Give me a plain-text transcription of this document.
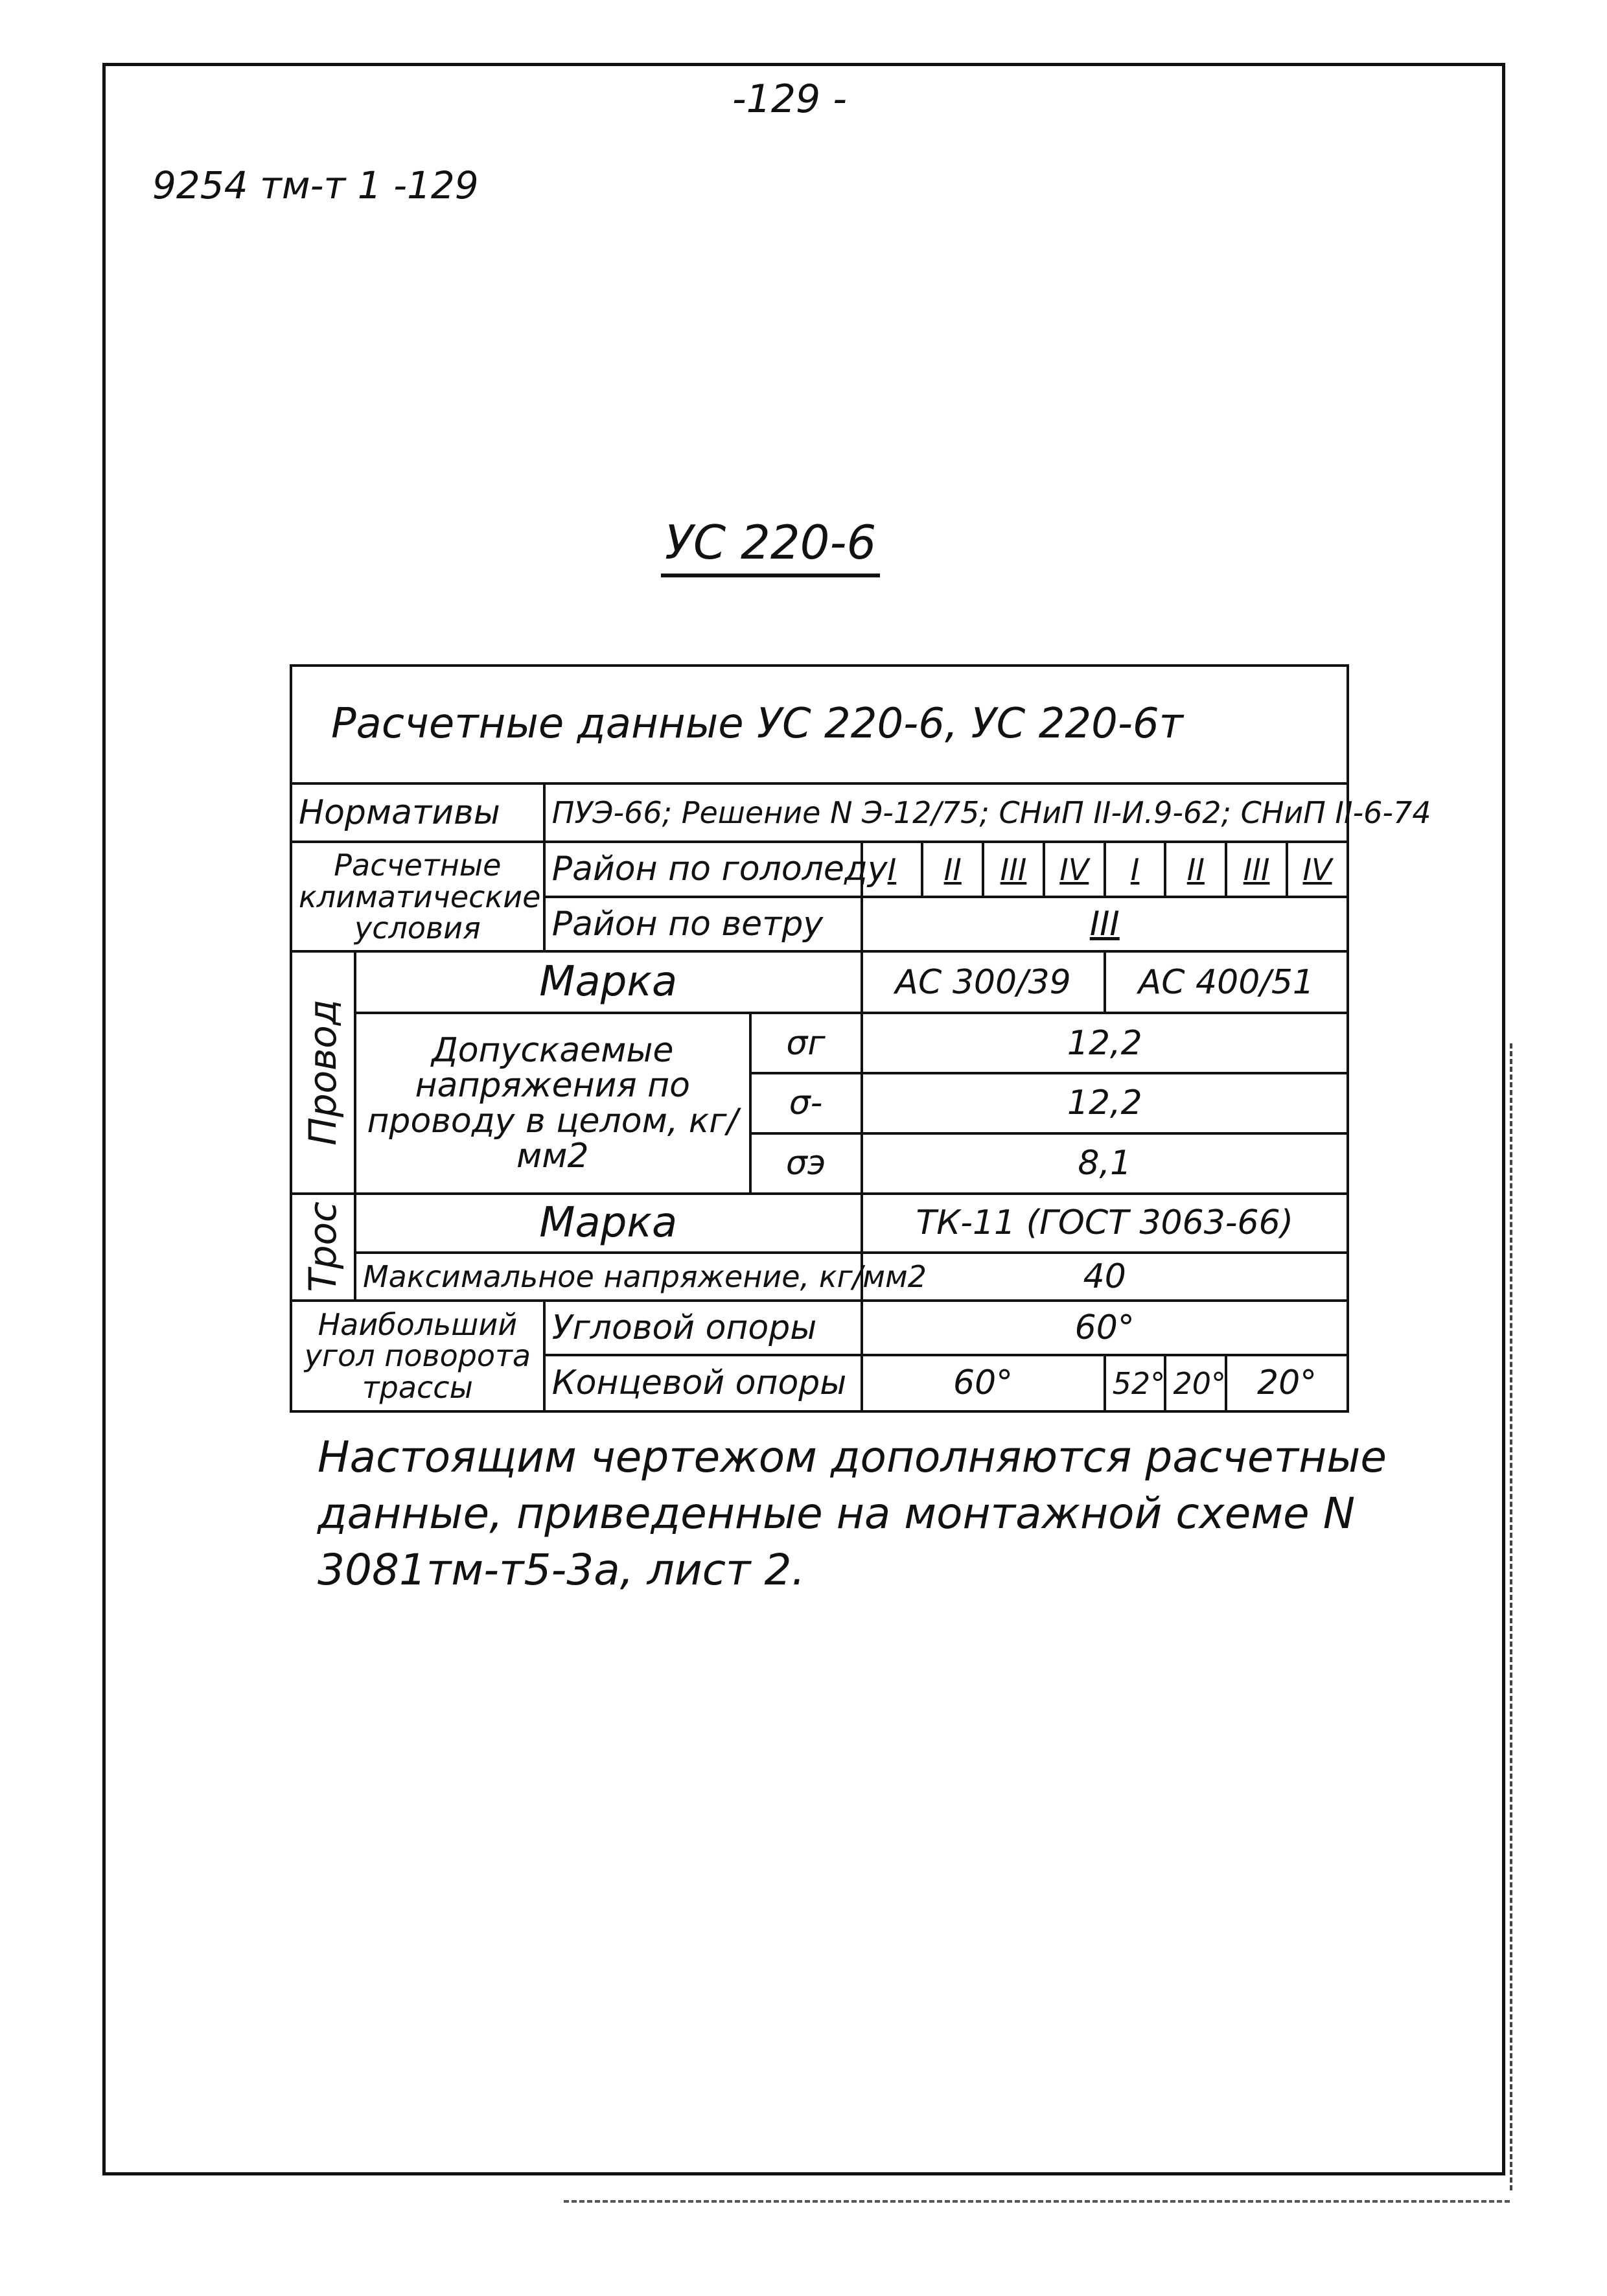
-129 -
9254 тм-т 1 -129
УС 220-6
Расчетные данные УС 220-6, УС 220-6т											
Нормативы		ПУЭ-66; Решение N Э-12/75; СНиП II-И.9-62; СНиП II-6-74									
Расчетные климатические условия		Район по гололеду		I	II	III	IV	I	II	III	IV
		Район по ветру		III							
Провод	Марка			АС 300/39				АС 400/51			
	Допускаемые напряжения по проводу в целом, кг/мм2		σг	12,2							
			σ-	12,2							
			σэ	8,1							
Трос	Марка			ТК-11 (ГОСТ 3063-66)							
	Максимальное напряжение, кг/мм2			40							
Наибольший угол поворота трассы		Угловой опоры		60°							
		Концевой опоры		60°				52°	20°	20°	
Настоящим чертежом дополняются расчетные данные, приведенные на монтажной схеме N 3081тм-т5-3а, лист 2.
